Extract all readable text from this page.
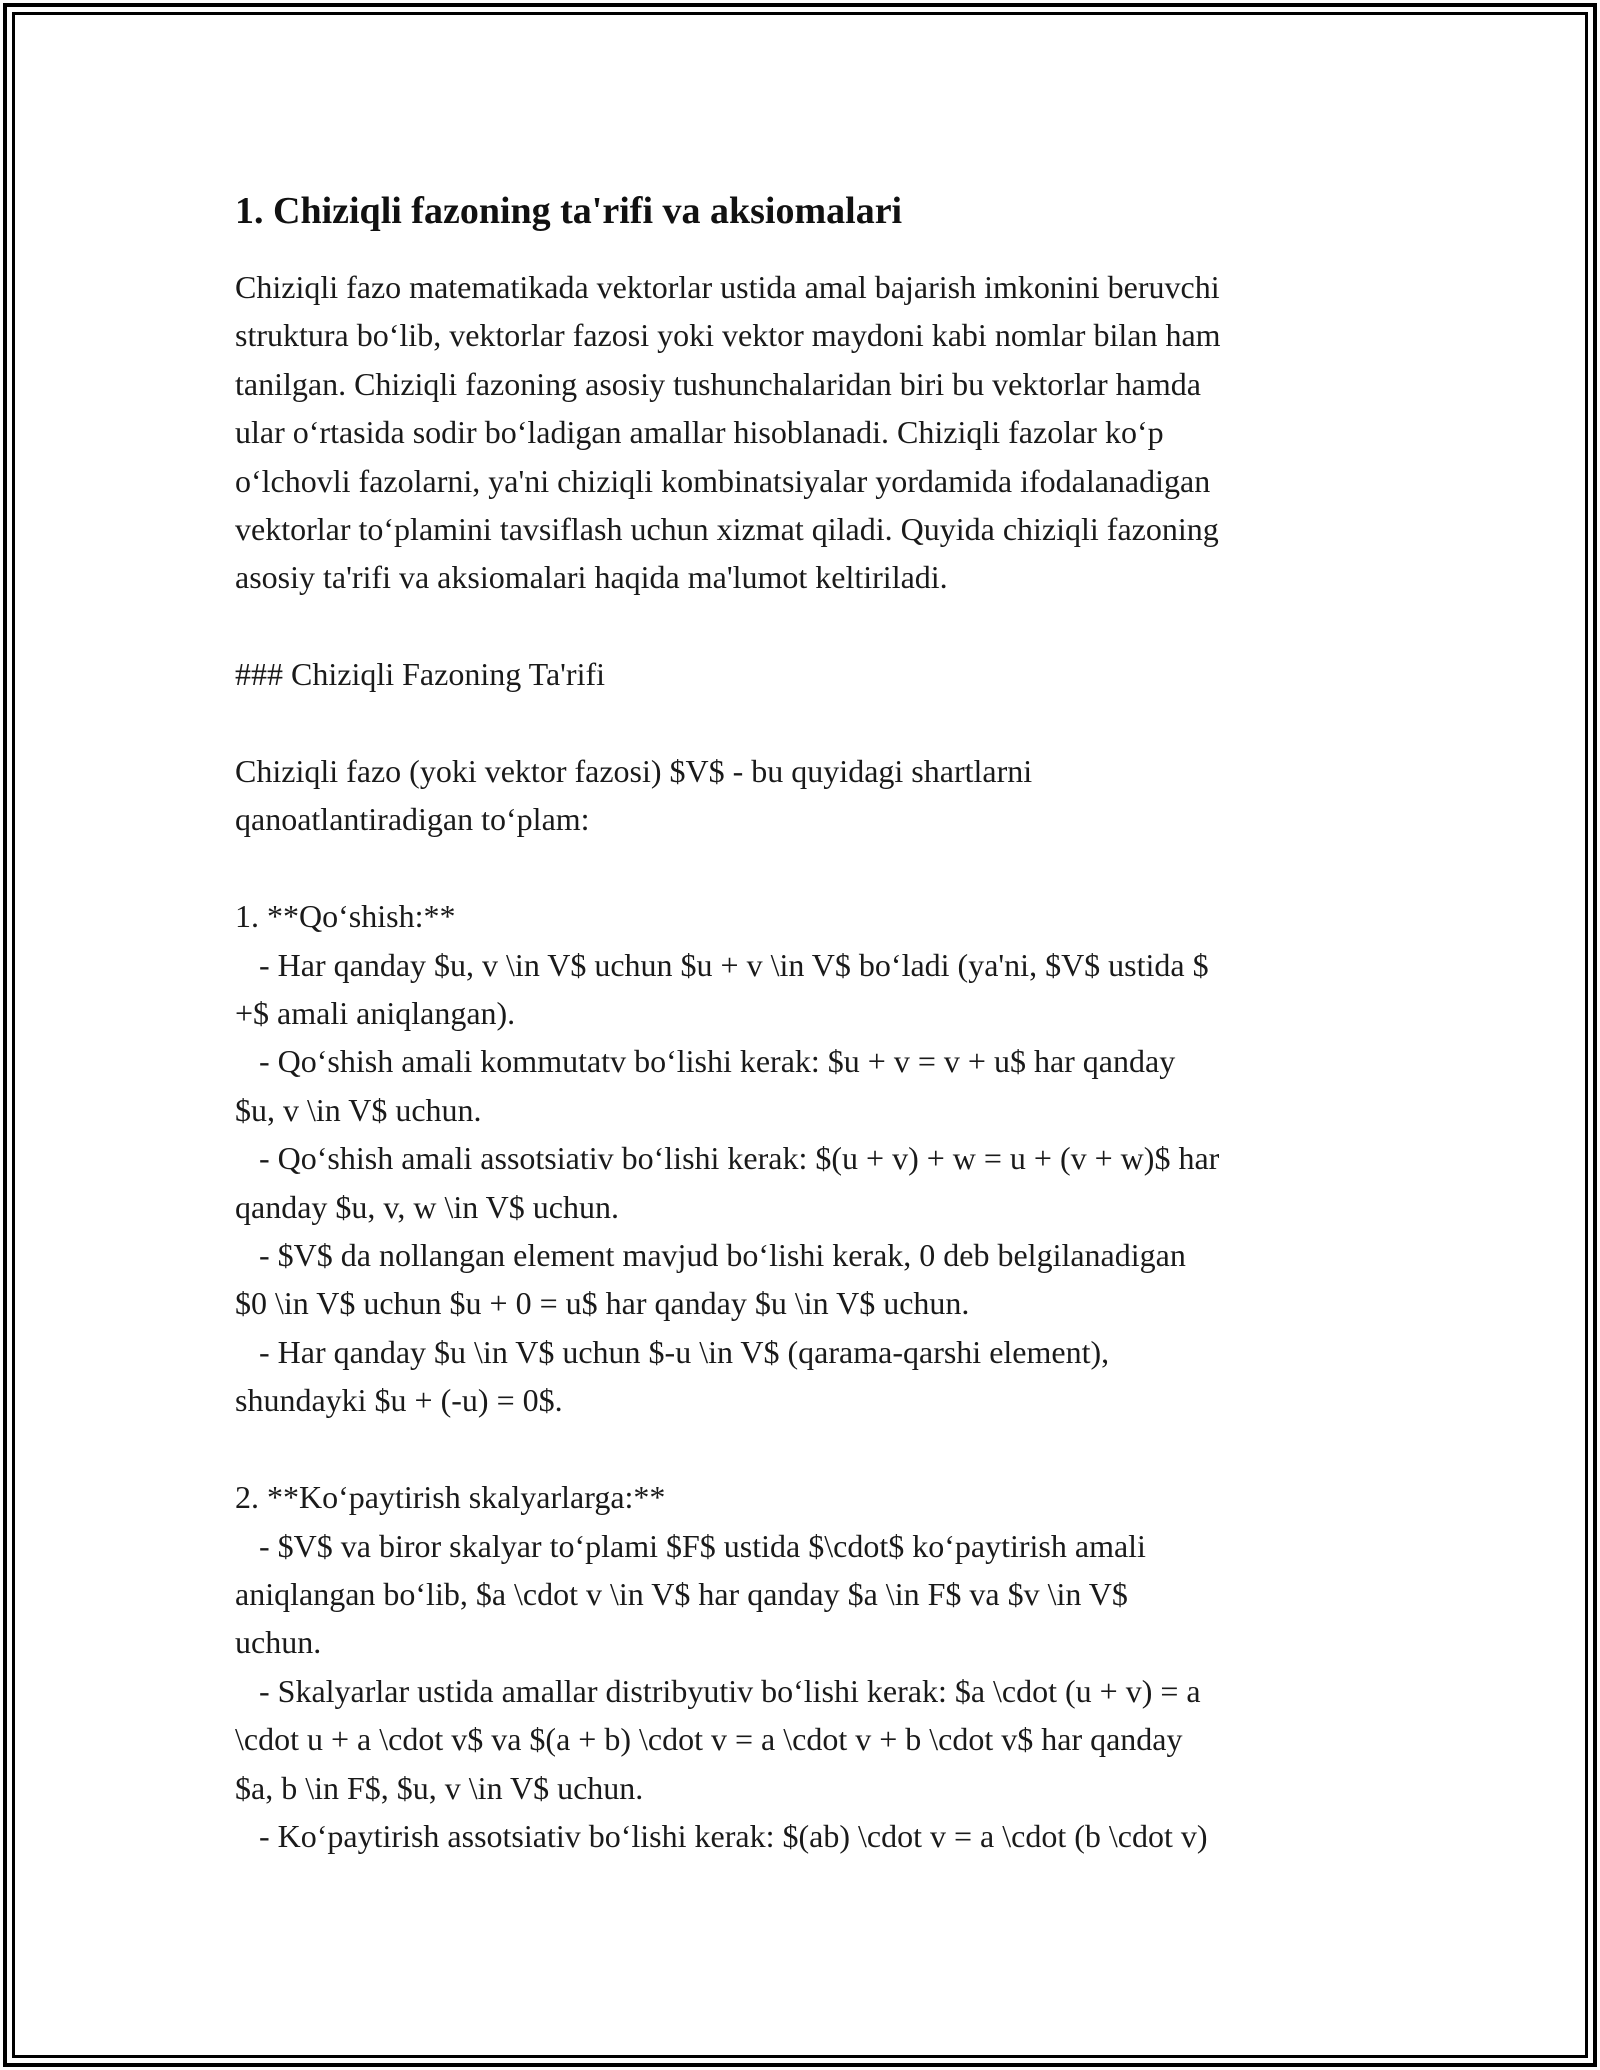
1. Chiziqli fazoning ta'rifi va aksiomalari
Chiziqli fazo matematikada vektorlar ustida amal bajarish imkonini beruvchi
struktura bo‘lib, vektorlar fazosi yoki vektor maydoni kabi nomlar bilan ham
tanilgan. Chiziqli fazoning asosiy tushunchalaridan biri bu vektorlar hamda
ular o‘rtasida sodir bo‘ladigan amallar hisoblanadi. Chiziqli fazolar ko‘p
o‘lchovli fazolarni, ya'ni chiziqli kombinatsiyalar yordamida ifodalanadigan
vektorlar to‘plamini tavsiflash uchun xizmat qiladi. Quyida chiziqli fazoning
asosiy ta'rifi va aksiomalari haqida ma'lumot keltiriladi.
### Chiziqli Fazoning Ta'rifi
Chiziqli fazo (yoki vektor fazosi) $V$ - bu quyidagi shartlarni
qanoatlantiradigan to‘plam:
1. **Qo‘shish:**
- Har qanday $u, v \in V$ uchun $u + v \in V$ bo‘ladi (ya'ni, $V$ ustida $
+$ amali aniqlangan).
- Qo‘shish amali kommutatv bo‘lishi kerak: $u + v = v + u$ har qanday
$u, v \in V$ uchun.
- Qo‘shish amali assotsiativ bo‘lishi kerak: $(u + v) + w = u + (v + w)$ har
qanday $u, v, w \in V$ uchun.
- $V$ da nollangan element mavjud bo‘lishi kerak, 0 deb belgilanadigan
$0 \in V$ uchun $u + 0 = u$ har qanday $u \in V$ uchun.
- Har qanday $u \in V$ uchun $-u \in V$ (qarama-qarshi element),
shundayki $u + (-u) = 0$.
2. **Ko‘paytirish skalyarlarga:**
- $V$ va biror skalyar to‘plami $F$ ustida $\cdot$ ko‘paytirish amali
aniqlangan bo‘lib, $a \cdot v \in V$ har qanday $a \in F$ va $v \in V$
uchun.
- Skalyarlar ustida amallar distribyutiv bo‘lishi kerak: $a \cdot (u + v) = a
\cdot u + a \cdot v$ va $(a + b) \cdot v = a \cdot v + b \cdot v$ har qanday
$a, b \in F$, $u, v \in V$ uchun.
- Ko‘paytirish assotsiativ bo‘lishi kerak: $(ab) \cdot v = a \cdot (b \cdot v)
